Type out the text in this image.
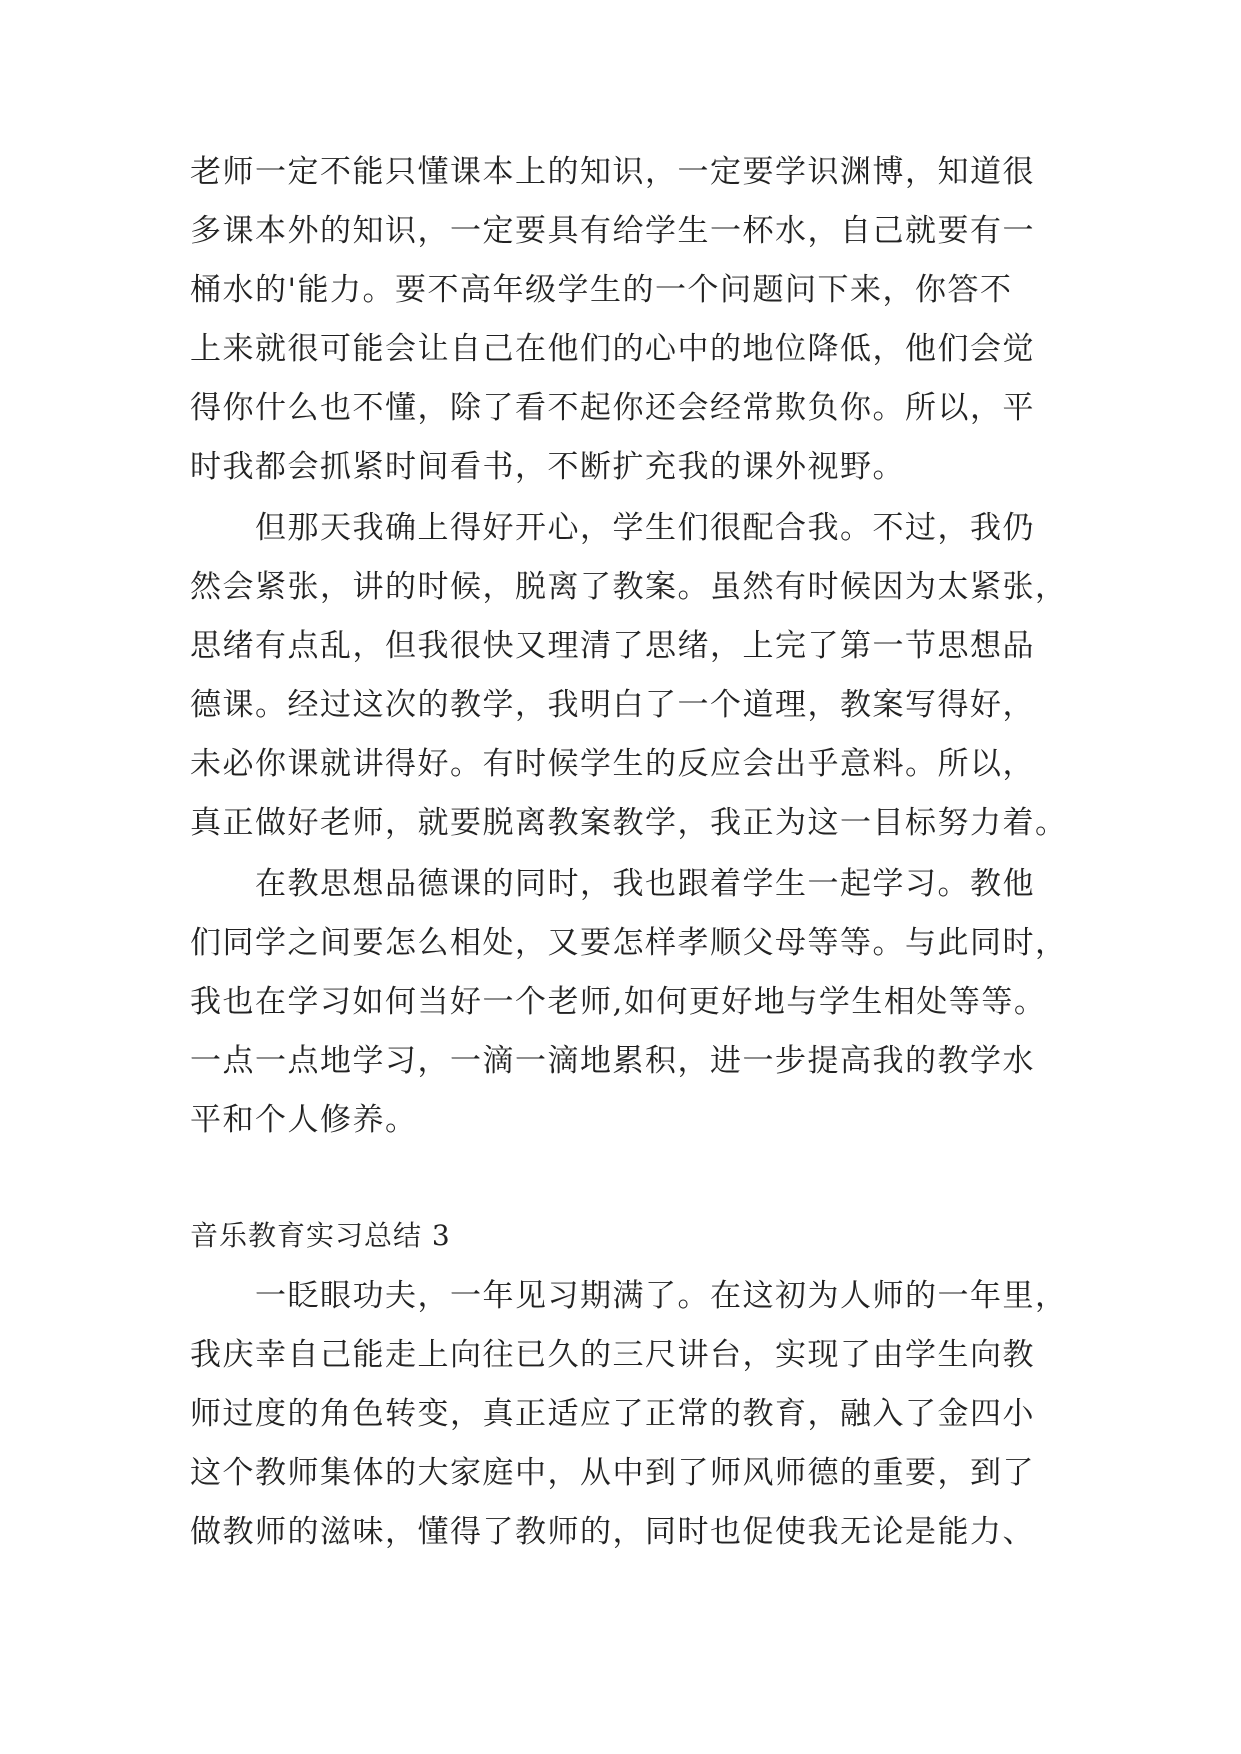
老师一定不能只懂课本上的知识，一定要学识渊博，知道很
多课本外的知识，一定要具有给学生一杯水，自己就要有一
桶水的'能力。要不高年级学生的一个问题问下来，你答不
上来就很可能会让自己在他们的心中的地位降低，他们会觉
得你什么也不懂，除了看不起你还会经常欺负你。所以，平
时我都会抓紧时间看书，不断扩充我的课外视野。
但那天我确上得好开心，学生们很配合我。不过，我仍
然会紧张，讲的时候，脱离了教案。虽然有时候因为太紧张，
思绪有点乱，但我很快又理清了思绪，上完了第一节思想品
德课。经过这次的教学，我明白了一个道理，教案写得好，
未必你课就讲得好。有时候学生的反应会出乎意料。所以，
真正做好老师，就要脱离教案教学，我正为这一目标努力着。
在教思想品德课的同时，我也跟着学生一起学习。教他
们同学之间要怎么相处，又要怎样孝顺父母等等。与此同时，
我也在学习如何当好一个老师,如何更好地与学生相处等等。
一点一点地学习，一滴一滴地累积，进一步提高我的教学水
平和个人修养。
音乐教育实习总结 3
一眨眼功夫，一年见习期满了。在这初为人师的一年里，
我庆幸自己能走上向往已久的三尺讲台，实现了由学生向教
师过度的角色转变，真正适应了正常的教育，融入了金四小
这个教师集体的大家庭中，从中到了师风师德的重要，到了
做教师的滋味，懂得了教师的，同时也促使我无论是能力、
